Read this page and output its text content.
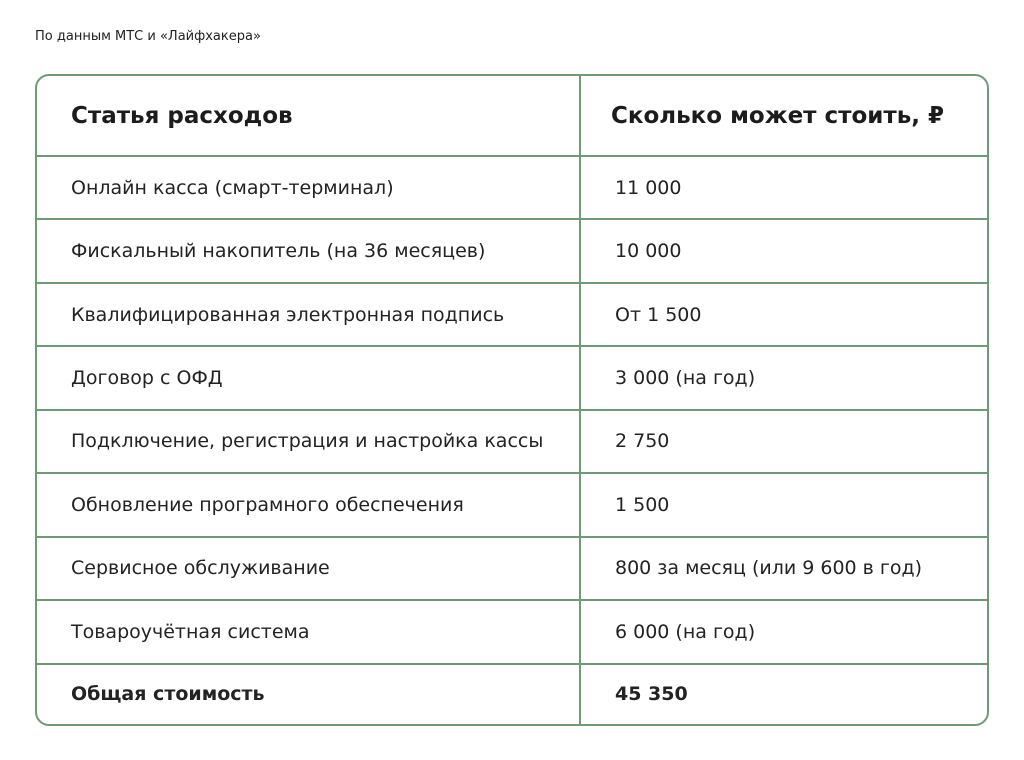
По данным МТС и «Лайфхакера»
Статья расходов	Сколько может стоить, ₽
Онлайн касса (смарт-терминал)	11 000
Фискальный накопитель (на 36 месяцев)	10 000
Квалифицированная электронная подпись	От 1 500
Договор с ОФД	3 000 (на год)
Подключение, регистрация и настройка кассы	2 750
Обновление програмного обеспечения	1 500
Сервисное обслуживание	800 за месяц (или 9 600 в год)
Товароучётная система	6 000 (на год)
Общая стоимость	45 350
